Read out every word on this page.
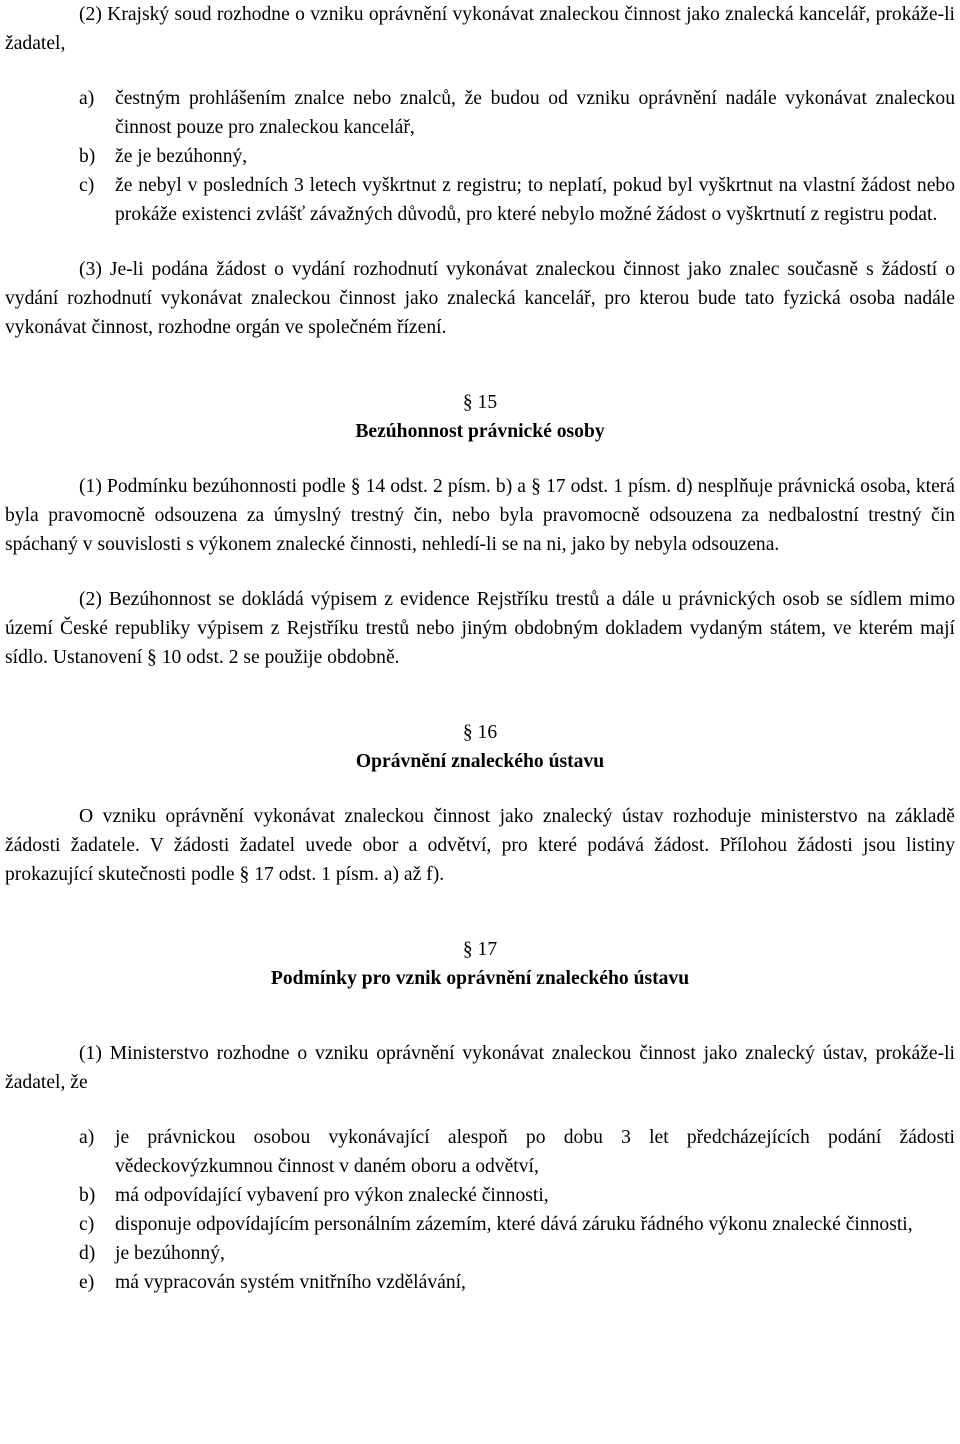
(2) Krajský soud rozhodne o vzniku oprávnění vykonávat znaleckou činnost jako znalecká kancelář, prokáže-li žadatel,

a) čestným prohlášením znalce nebo znalců, že budou od vzniku oprávnění nadále vykonávat znaleckou činnost pouze pro znaleckou kancelář,
b) že je bezúhonný,
c) že nebyl v posledních 3 letech vyškrtnut z registru; to neplatí, pokud byl vyškrtnut na vlastní žádost nebo prokáže existenci zvlášť závažných důvodů, pro které nebylo možné žádost o vyškrtnutí z registru podat.

(3) Je-li podána žádost o vydání rozhodnutí vykonávat znaleckou činnost jako znalec současně s žádostí o vydání rozhodnutí vykonávat znaleckou činnost jako znalecká kancelář, pro kterou bude tato fyzická osoba nadále vykonávat činnost, rozhodne orgán ve společném řízení.

§ 15
Bezúhonnost právnické osoby

(1) Podmínku bezúhonnosti podle § 14 odst. 2 písm. b) a § 17 odst. 1 písm. d) nesplňuje právnická osoba, která byla pravomocně odsouzena za úmyslný trestný čin, nebo byla pravomocně odsouzena za nedbalostní trestný čin spáchaný v souvislosti s výkonem znalecké činnosti, nehledí-li se na ni, jako by nebyla odsouzena.

(2) Bezúhonnost se dokládá výpisem z evidence Rejstříku trestů a dále u právnických osob se sídlem mimo území České republiky výpisem z Rejstříku trestů nebo jiným obdobným dokladem vydaným státem, ve kterém mají sídlo. Ustanovení § 10 odst. 2 se použije obdobně.

§ 16
Oprávnění znaleckého ústavu

O vzniku oprávnění vykonávat znaleckou činnost jako znalecký ústav rozhoduje ministerstvo na základě žádosti žadatele. V žádosti žadatel uvede obor a odvětví, pro které podává žádost. Přílohou žádosti jsou listiny prokazující skutečnosti podle § 17 odst. 1 písm. a) až f).

§ 17
Podmínky pro vznik oprávnění znaleckého ústavu

(1) Ministerstvo rozhodne o vzniku oprávnění vykonávat znaleckou činnost jako znalecký ústav, prokáže-li žadatel, že

a) je právnickou osobou vykonávající alespoň po dobu 3 let předcházejících podání žádosti vědeckovýzkumnou činnost v daném oboru a odvětví,
b) má odpovídající vybavení pro výkon znalecké činnosti,
c) disponuje odpovídajícím personálním zázemím, které dává záruku řádného výkonu znalecké činnosti,
d) je bezúhonný,
e) má vypracován systém vnitřního vzdělávání,
